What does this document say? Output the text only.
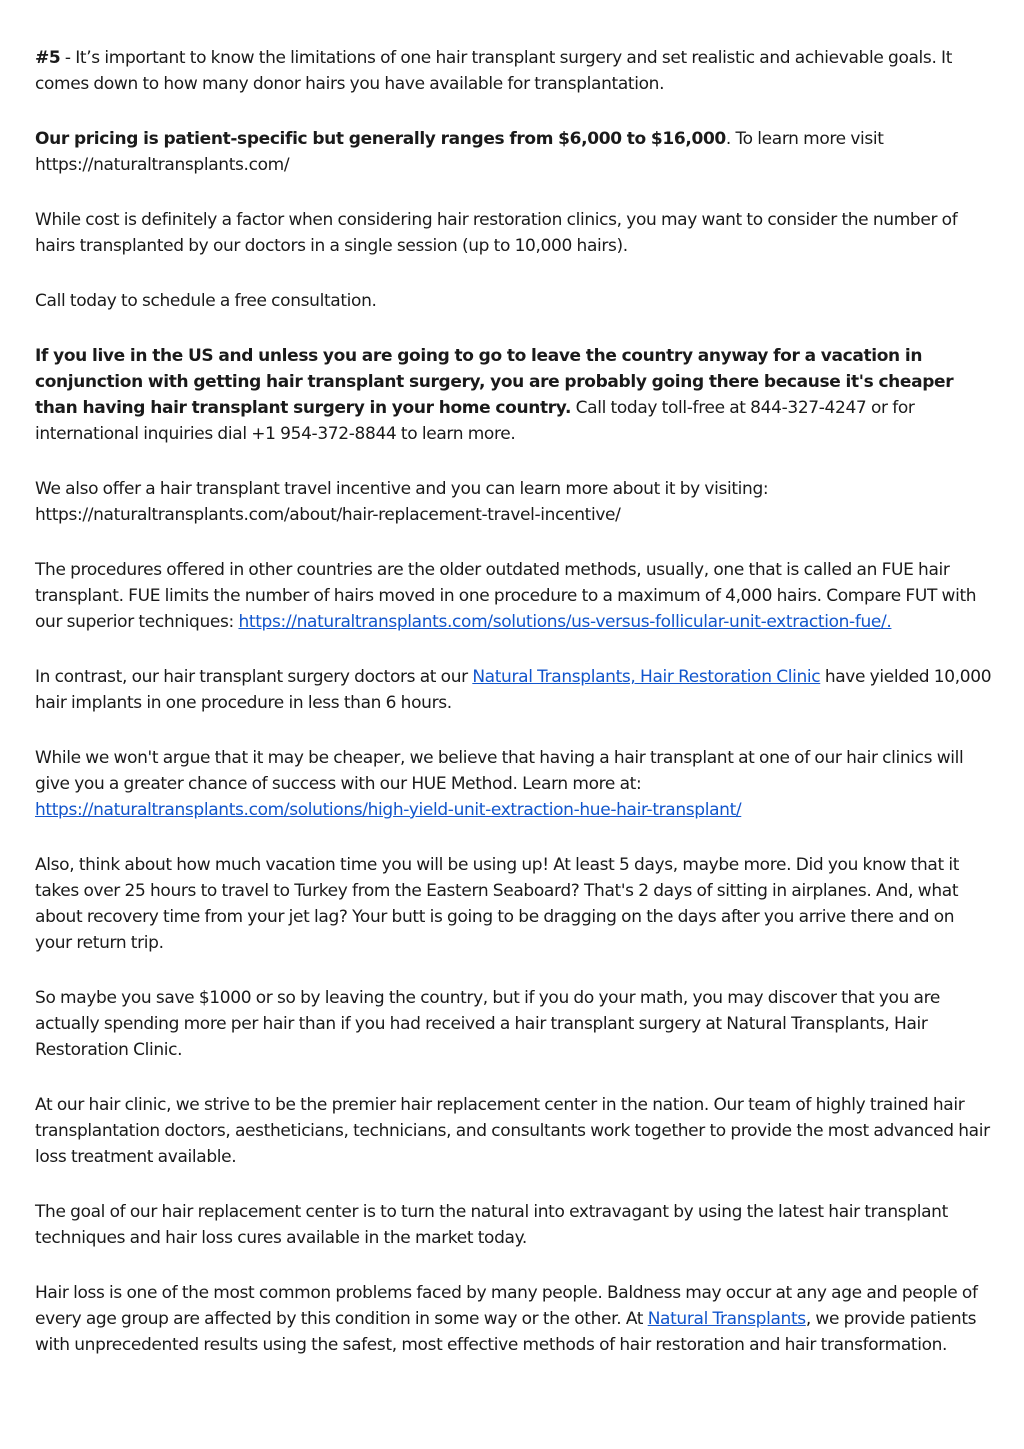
#5 - It’s important to know the limitations of one hair transplant surgery and set realistic and achievable goals. It comes down to how many donor hairs you have available for transplantation.

Our pricing is patient-specific but generally ranges from $6,000 to $16,000. To learn more visit https://naturaltransplants.com/

While cost is definitely a factor when considering hair restoration clinics, you may want to consider the number of hairs transplanted by our doctors in a single session (up to 10,000 hairs).

Call today to schedule a free consultation.

If you live in the US and unless you are going to go to leave the country anyway for a vacation in conjunction with getting hair transplant surgery, you are probably going there because it's cheaper than having hair transplant surgery in your home country. Call today toll-free at 844-327-4247 or for international inquiries dial +1 954-372-8844 to learn more.

We also offer a hair transplant travel incentive and you can learn more about it by visiting: https://naturaltransplants.com/about/hair-replacement-travel-incentive/

The procedures offered in other countries are the older outdated methods, usually, one that is called an FUE hair transplant. FUE limits the number of hairs moved in one procedure to a maximum of 4,000 hairs. Compare FUT with our superior techniques: https://naturaltransplants.com/solutions/us-versus-follicular-unit-extraction-fue/.

In contrast, our hair transplant surgery doctors at our Natural Transplants, Hair Restoration Clinic have yielded 10,000 hair implants in one procedure in less than 6 hours.

While we won't argue that it may be cheaper, we believe that having a hair transplant at one of our hair clinics will give you a greater chance of success with our HUE Method. Learn more at: https://naturaltransplants.com/solutions/high-yield-unit-extraction-hue-hair-transplant/

Also, think about how much vacation time you will be using up! At least 5 days, maybe more. Did you know that it takes over 25 hours to travel to Turkey from the Eastern Seaboard? That's 2 days of sitting in airplanes. And, what about recovery time from your jet lag? Your butt is going to be dragging on the days after you arrive there and on your return trip.

So maybe you save $1000 or so by leaving the country, but if you do your math, you may discover that you are actually spending more per hair than if you had received a hair transplant surgery at Natural Transplants, Hair Restoration Clinic.

At our hair clinic, we strive to be the premier hair replacement center in the nation. Our team of highly trained hair transplantation doctors, aestheticians, technicians, and consultants work together to provide the most advanced hair loss treatment available.

The goal of our hair replacement center is to turn the natural into extravagant by using the latest hair transplant techniques and hair loss cures available in the market today.

Hair loss is one of the most common problems faced by many people. Baldness may occur at any age and people of every age group are affected by this condition in some way or the other. At Natural Transplants, we provide patients with unprecedented results using the safest, most effective methods of hair restoration and hair transformation.
